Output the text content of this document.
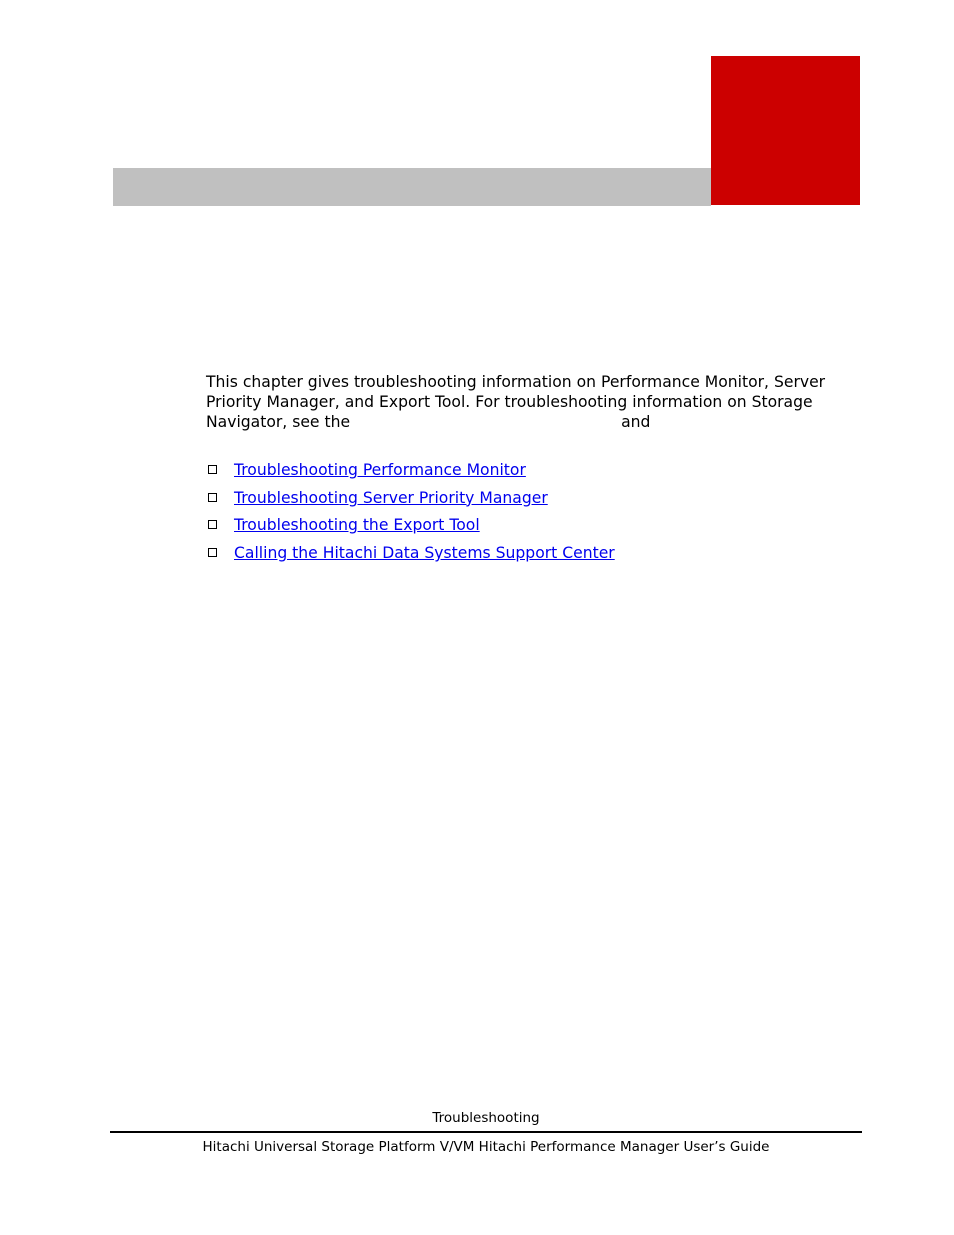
This chapter gives troubleshooting information on Performance Monitor, Server
Priority Manager, and Export Tool. For troubleshooting information on Storage
Navigator, see the	and

Troubleshooting Performance Monitor
Troubleshooting Server Priority Manager
Troubleshooting the Export Tool
Calling the Hitachi Data Systems Support Center
Troubleshooting
Hitachi Universal Storage Platform V/VM Hitachi Performance Manager User’s Guide
